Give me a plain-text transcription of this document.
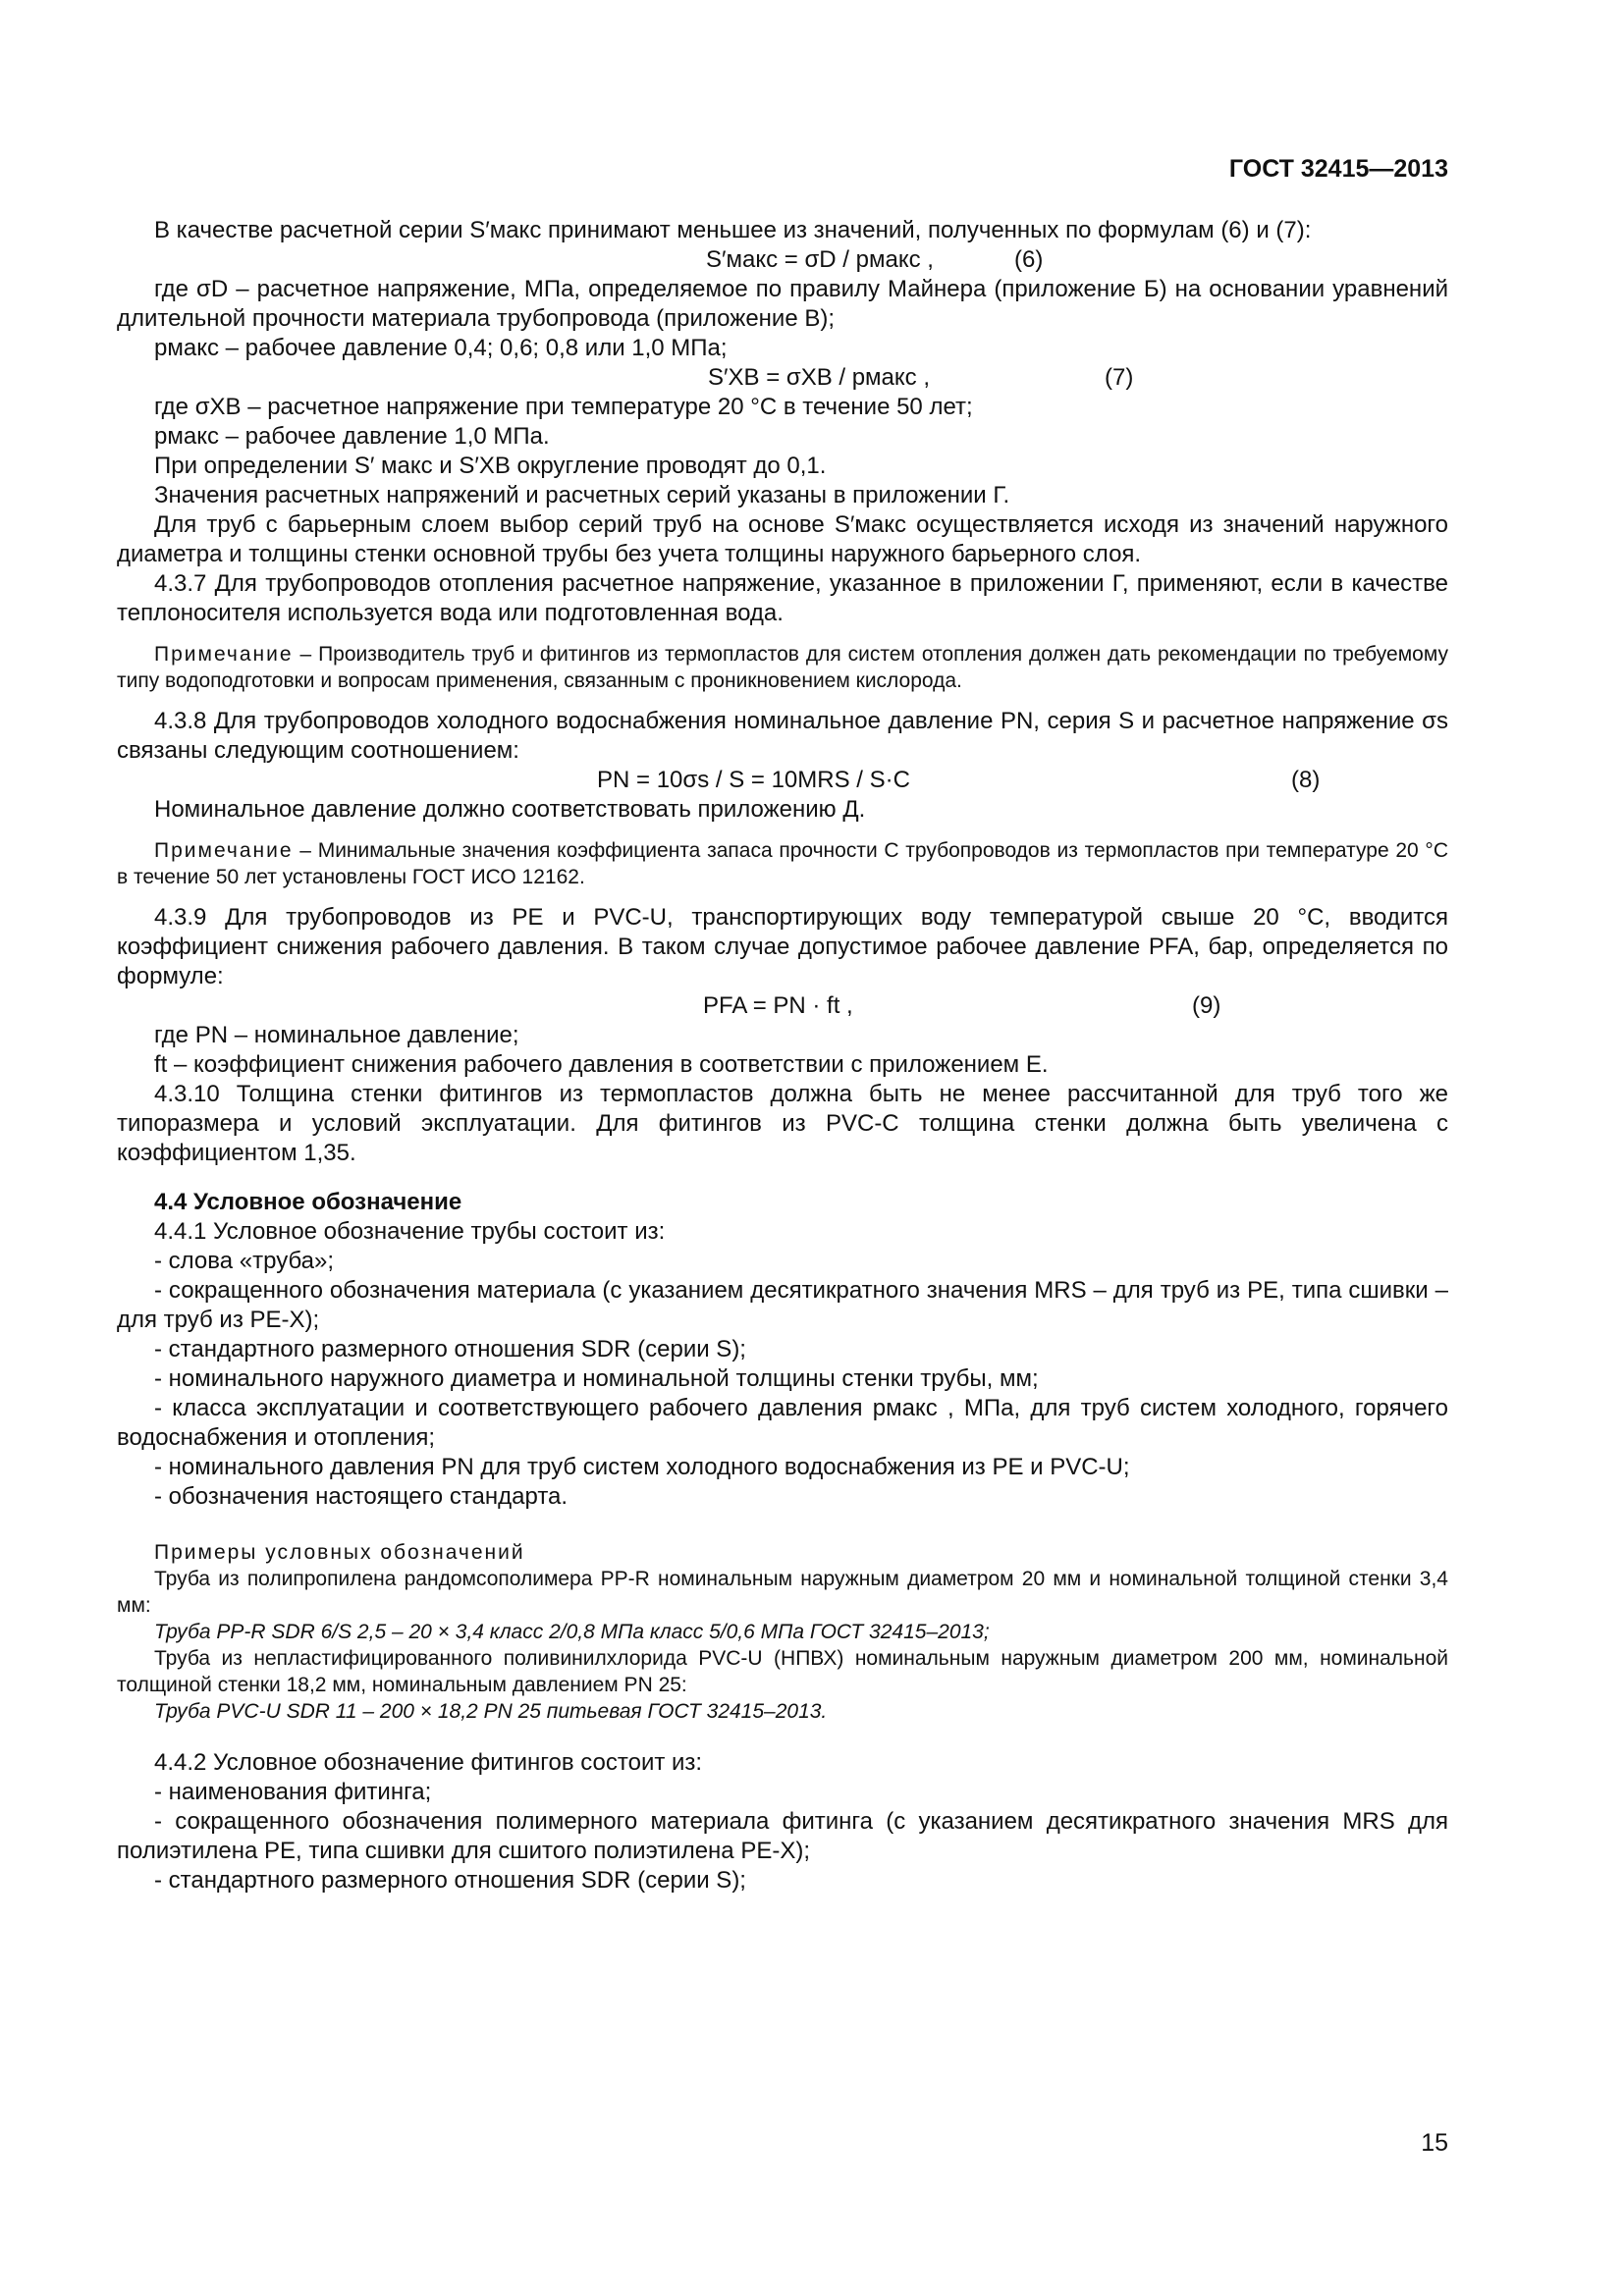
ГОСТ 32415—2013

В качестве расчетной серии S′макс принимают меньшее из значений, полученных по формулам (6) и (7):

S′макс = σD / pмакс ,	(6)

где σD – расчетное напряжение, МПа, определяемое по правилу Майнера (приложение Б) на основании уравнений длительной прочности материала трубопровода (приложение В);

pмакс – рабочее давление 0,4; 0,6; 0,8 или 1,0 МПа;

S′XB = σXB / pмакс ,	(7)

где σXB – расчетное напряжение при температуре 20 °С в течение 50 лет;

pмакс – рабочее давление 1,0 МПа.

При определении S′ макс и S′XB округление проводят до 0,1.

Значения расчетных напряжений и расчетных серий указаны в приложении Г.

Для труб с барьерным слоем выбор серий труб на основе S′макс осуществляется исходя из значений наружного диаметра и толщины стенки основной трубы без учета толщины наружного барьерного слоя.

4.3.7 Для трубопроводов отопления расчетное напряжение, указанное в приложении Г, применяют, если в качестве теплоносителя используется вода или подготовленная вода.

Примечание – Производитель труб и фитингов из термопластов для систем отопления должен дать рекомендации по требуемому типу водоподготовки и вопросам применения, связанным с проникновением кислорода.

4.3.8 Для трубопроводов холодного водоснабжения номинальное давление PN, серия S и расчетное напряжение σs связаны следующим соотношением:

PN = 10σs / S = 10MRS / S·C	(8)

Номинальное давление должно соответствовать приложению Д.

Примечание – Минимальные значения коэффициента запаса прочности C трубопроводов из термопластов при температуре 20 °С в течение 50 лет установлены ГОСТ ИСО 12162.

4.3.9 Для трубопроводов из PE и PVC-U, транспортирующих воду температурой свыше 20 °С, вводится коэффициент снижения рабочего давления. В таком случае допустимое рабочее давление PFA, бар, определяется по формуле:

PFA = PN · ft ,	(9)

где PN – номинальное давление;

ft – коэффициент снижения рабочего давления в соответствии с приложением Е.

4.3.10 Толщина стенки фитингов из термопластов должна быть не менее рассчитанной для труб того же типоразмера и условий эксплуатации. Для фитингов из PVC-C толщина стенки должна быть увеличена с коэффициентом 1,35.

4.4 Условное обозначение

4.4.1 Условное обозначение трубы состоит из:

- слова «труба»;

- сокращенного обозначения материала (с указанием десятикратного значения MRS – для труб из PE, типа сшивки – для труб из PE-X);

- стандартного размерного отношения SDR (серии S);

- номинального наружного диаметра и номинальной толщины стенки трубы, мм;

- класса эксплуатации и соответствующего рабочего давления pмакс , МПа, для труб систем холодного, горячего водоснабжения и отопления;

- номинального давления PN для труб систем холодного водоснабжения из PE и PVC-U;

- обозначения настоящего стандарта.

Примеры условных обозначений

Труба из полипропилена рандомсополимера PP-R номинальным наружным диаметром 20 мм и номинальной толщиной стенки 3,4 мм:

Труба PP-R SDR 6/S 2,5 – 20 × 3,4 класс 2/0,8 МПа класс 5/0,6 МПа ГОСТ 32415–2013;

Труба из непластифицированного поливинилхлорида PVC-U (НПВХ) номинальным наружным диаметром 200 мм, номинальной толщиной стенки 18,2 мм, номинальным давлением PN 25:

Труба PVC-U SDR 11 – 200 × 18,2 PN 25 питьевая ГОСТ 32415–2013.

4.4.2 Условное обозначение фитингов состоит из:

- наименования фитинга;

- сокращенного обозначения полимерного материала фитинга (с указанием десятикратного значения MRS для полиэтилена PE, типа сшивки для сшитого полиэтилена PE-X);

- стандартного размерного отношения SDR (серии S);

15
